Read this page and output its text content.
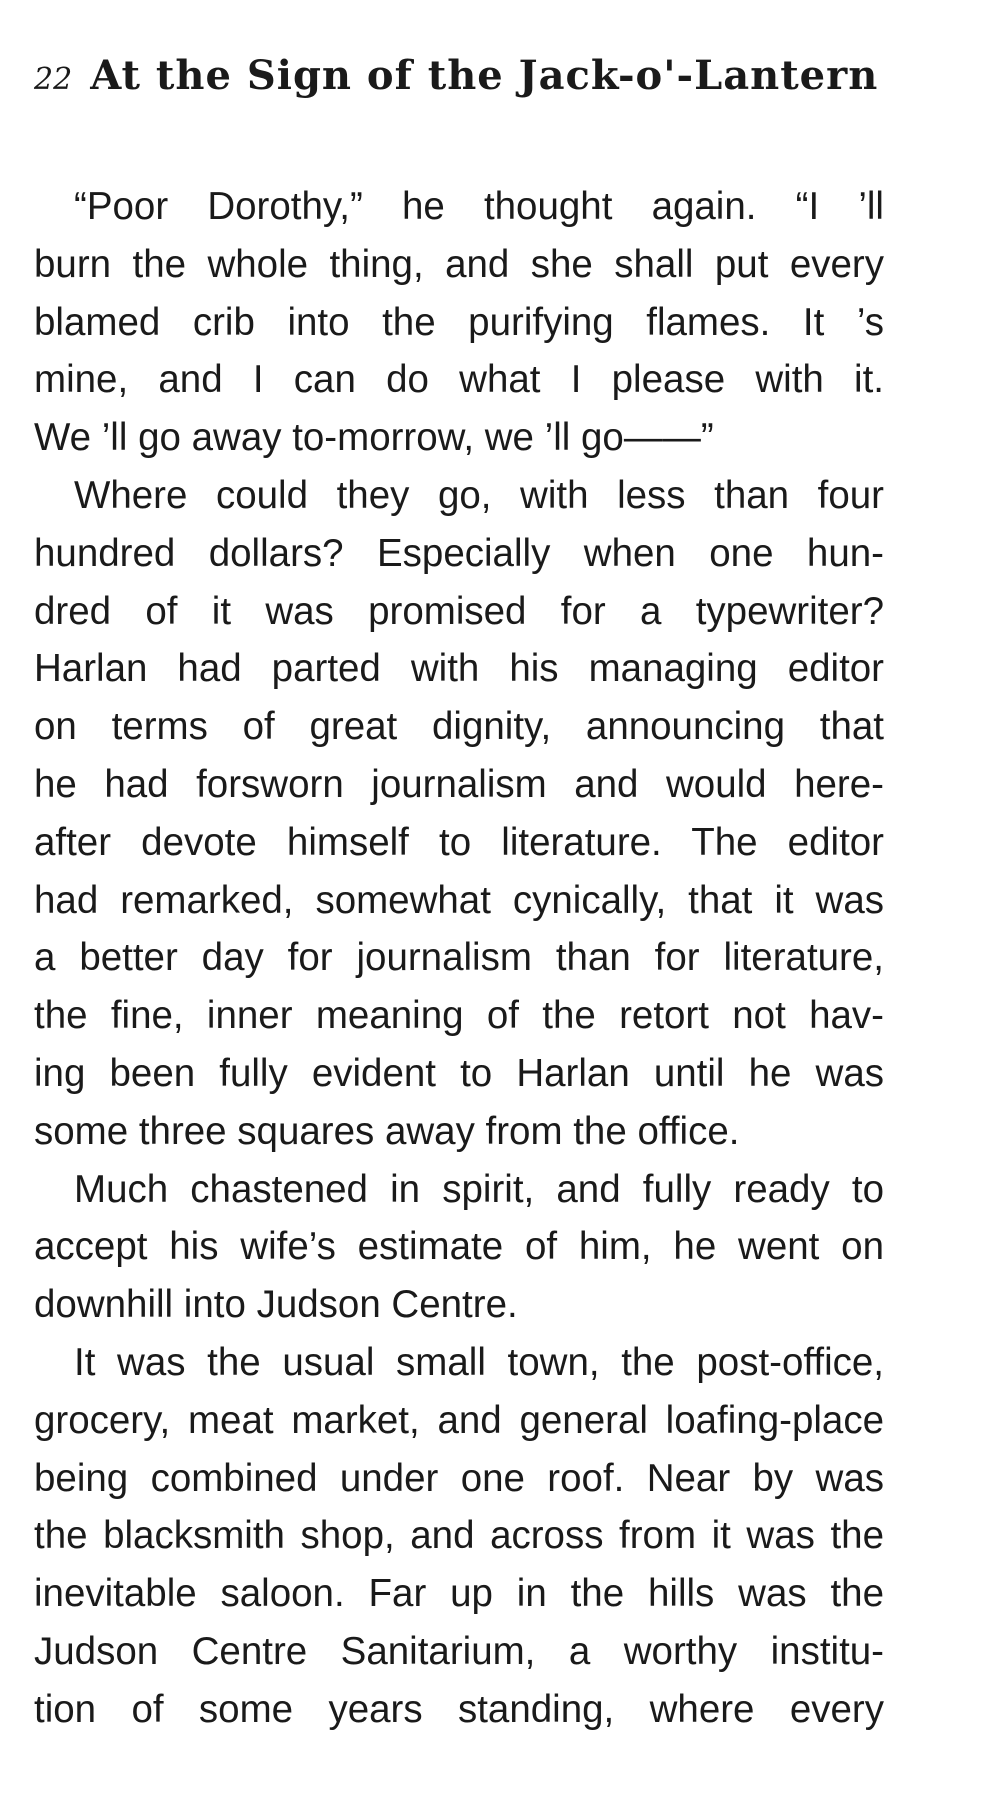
22 At the Sign of the Jack-o'-Lantern

“Poor Dorothy,” he thought again. “I ’ll
burn the whole thing, and she shall put every
blamed crib into the purifying flames. It ’s
mine, and I can do what I please with it.
We ’ll go away to-morrow, we ’ll go——”

Where could they go, with less than four
hundred dollars? Especially when one hun-
dred of it was promised for a typewriter?
Harlan had parted with his managing editor
on terms of great dignity, announcing that
he had forsworn journalism and would here-
after devote himself to literature. The editor
had remarked, somewhat cynically, that it was
a better day for journalism than for literature,
the fine, inner meaning of the retort not hav-
ing been fully evident to Harlan until he was
some three squares away from the office.

Much chastened in spirit, and fully ready to
accept his wife’s estimate of him, he went on
downhill into Judson Centre.

It was the usual small town, the post-office,
grocery, meat market, and general loafing-place
being combined under one roof. Near by was
the blacksmith shop, and across from it was the
inevitable saloon. Far up in the hills was the
Judson Centre Sanitarium, a worthy institu-
tion of some years standing, where every
